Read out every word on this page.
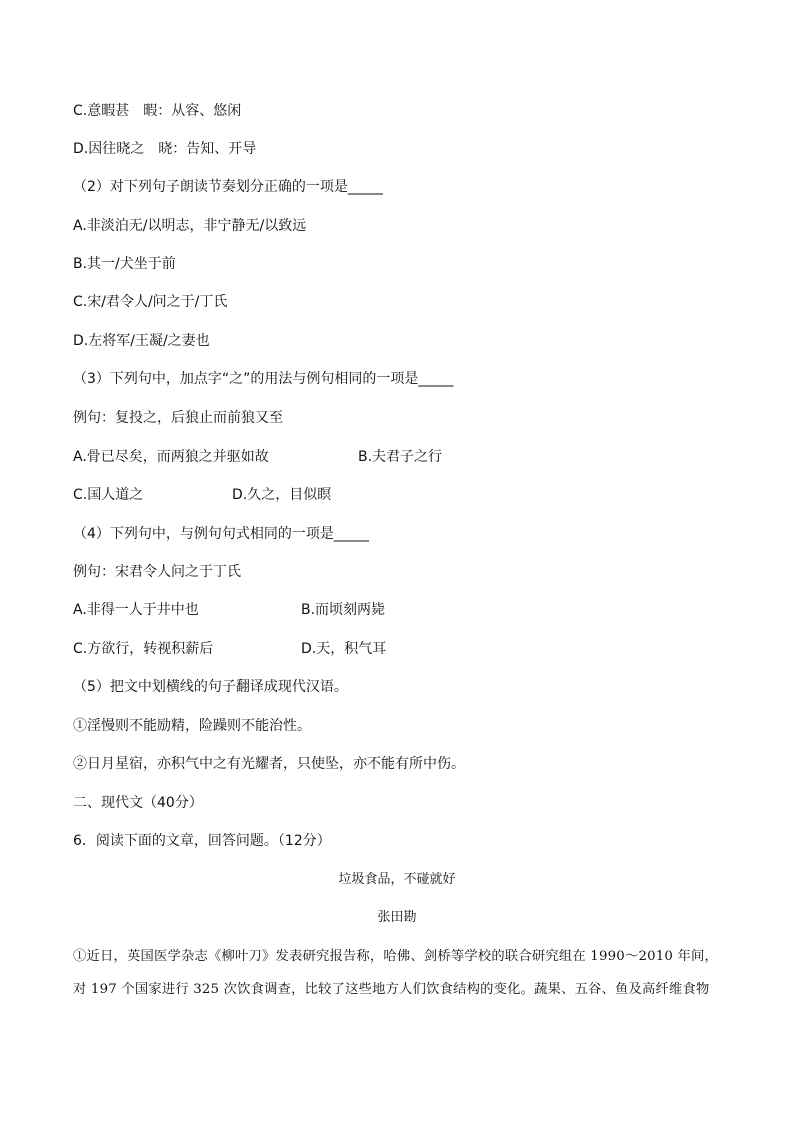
C.意暇甚　暇：从容、悠闲
D.因往晓之　晓：告知、开导
（2）对下列句子朗读节奏划分正确的一项是_____
A.非淡泊无/以明志，非宁静无/以致远
B.其一/犬坐于前
C.宋/君令人/问之于/丁氏
D.左将军/王凝/之妻也
（3）下列句中，加点字“之”的用法与例句相同的一项是_____
例句：复投之，后狼止而前狼又至
A.骨已尽矣，而两狼之并驱如故	B.夫君子之行
C.国人道之	D.久之，目似瞑
（4）下列句中，与例句句式相同的一项是_____
例句：宋君令人问之于丁氏
A.非得一人于井中也	B.而顷刻两毙
C.方欲行，转视积薪后	D.天，积气耳
（5）把文中划横线的句子翻译成现代汉语。
①淫慢则不能励精，险躁则不能治性。
②日月星宿，亦积气中之有光耀者，只使坠，亦不能有所中伤。
二、现代文（40分）
6．阅读下面的文章，回答问题。（12分）
垃圾食品，不碰就好
张田勘
①近日，英国医学杂志《柳叶刀》发表研究报告称，哈佛、剑桥等学校的联合研究组在 1990～2010 年间，
对 197 个国家进行 325 次饮食调查，比较了这些地方人们饮食结构的变化。蔬果、五谷、鱼及高纤维食物
